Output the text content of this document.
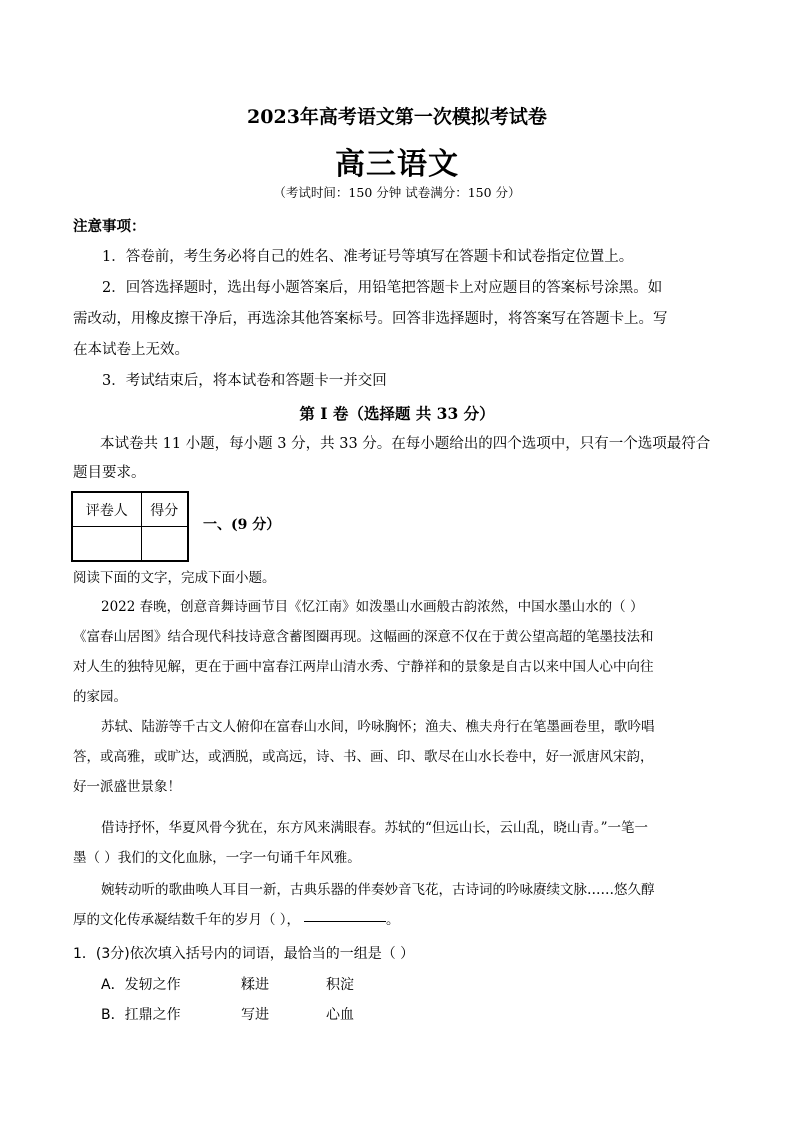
2023年高考语文第一次模拟考试卷
高三语文
（考试时间：150 分钟 试卷满分：150 分）
注意事项：
1．答卷前，考生务必将自己的姓名、准考证号等填写在答题卡和试卷指定位置上。
2．回答选择题时，选出每小题答案后，用铅笔把答题卡上对应题目的答案标号涂黑。如
需改动，用橡皮擦干净后，再选涂其他答案标号。回答非选择题时，将答案写在答题卡上。写
在本试卷上无效。
3．考试结束后，将本试卷和答题卡一并交回
第 I 卷（选择题 共 33 分）
本试卷共 11 小题，每小题 3 分，共 33 分。在每小题给出的四个选项中，只有一个选项最符合
题目要求。
评卷人	得分

一、(9 分）
阅读下面的文字，完成下面小题。
2022 春晚，创意音舞诗画节目《忆江南》如泼墨山水画般古韵浓然，中国水墨山水的（ ）
《富春山居图》结合现代科技诗意含蓄图圈再现。这幅画的深意不仅在于黄公望高超的笔墨技法和
对人生的独特见解，更在于画中富春江两岸山清水秀、宁静祥和的景象是自古以来中国人心中向往
的家园。
苏轼、陆游等千古文人俯仰在富春山水间，吟咏胸怀；渔夫、樵夫舟行在笔墨画卷里，歌吟唱
答，或高雅，或旷达，或洒脱，或高远，诗、书、画、印、歌尽在山水长卷中，好一派唐风宋韵，
好一派盛世景象！
借诗抒怀，华夏风骨今犹在，东方风来满眼春。苏轼的“但远山长，云山乱，晓山青。”一笔一
墨（ ）我们的文化血脉，一字一句诵千年风雅。
婉转动听的歌曲唤人耳目一新，古典乐器的伴奏妙音飞花，古诗词的吟咏赓续文脉……悠久醇
厚的文化传承凝结数千年的岁月（ ），	。
1．(3分)依次填入括号内的词语，最恰当的一组是（ ）
A．发轫之作	糅进	积淀
B．扛鼎之作	写进	心血
